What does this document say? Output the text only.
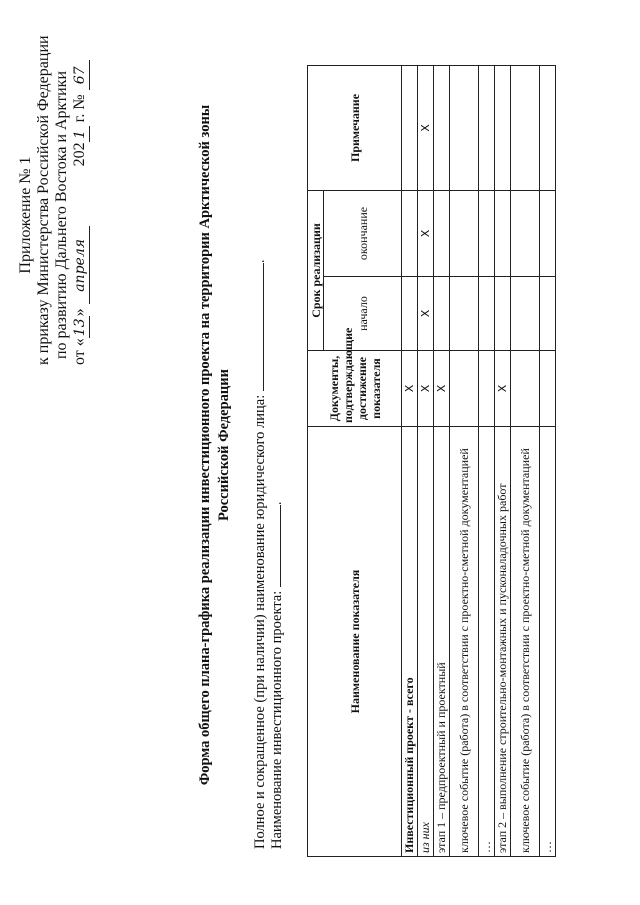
Приложение № 1 к приказу Министерства Российской Федерации по развитию Дальнего Востока и Арктики от «13» апреля2021 г. № 67
Форма общего плана-графика реализации инвестиционного проекта на территории Арктической зоны Российской Федерации Полное и сокращенное (при наличии) наименование юридического лица: .
Наименование инвестиционного проекта: .
Наименование показателя	Документы, подтверждающие достижение показателя	Срок реализации		Примечание
		начало	окончание	
Инвестиционный проект - всего	X			
из них	X	X	X	X
этап 1 – предпроектный и проектный	X			
ключевое событие (работа) в соответствии с проектно-сметной документацией				
…				
этап 2 – выполнение строительно-монтажных и пусконаладочных работ	X			
ключевое событие (работа) в соответствии с проектно-сметной документацией				
…				
